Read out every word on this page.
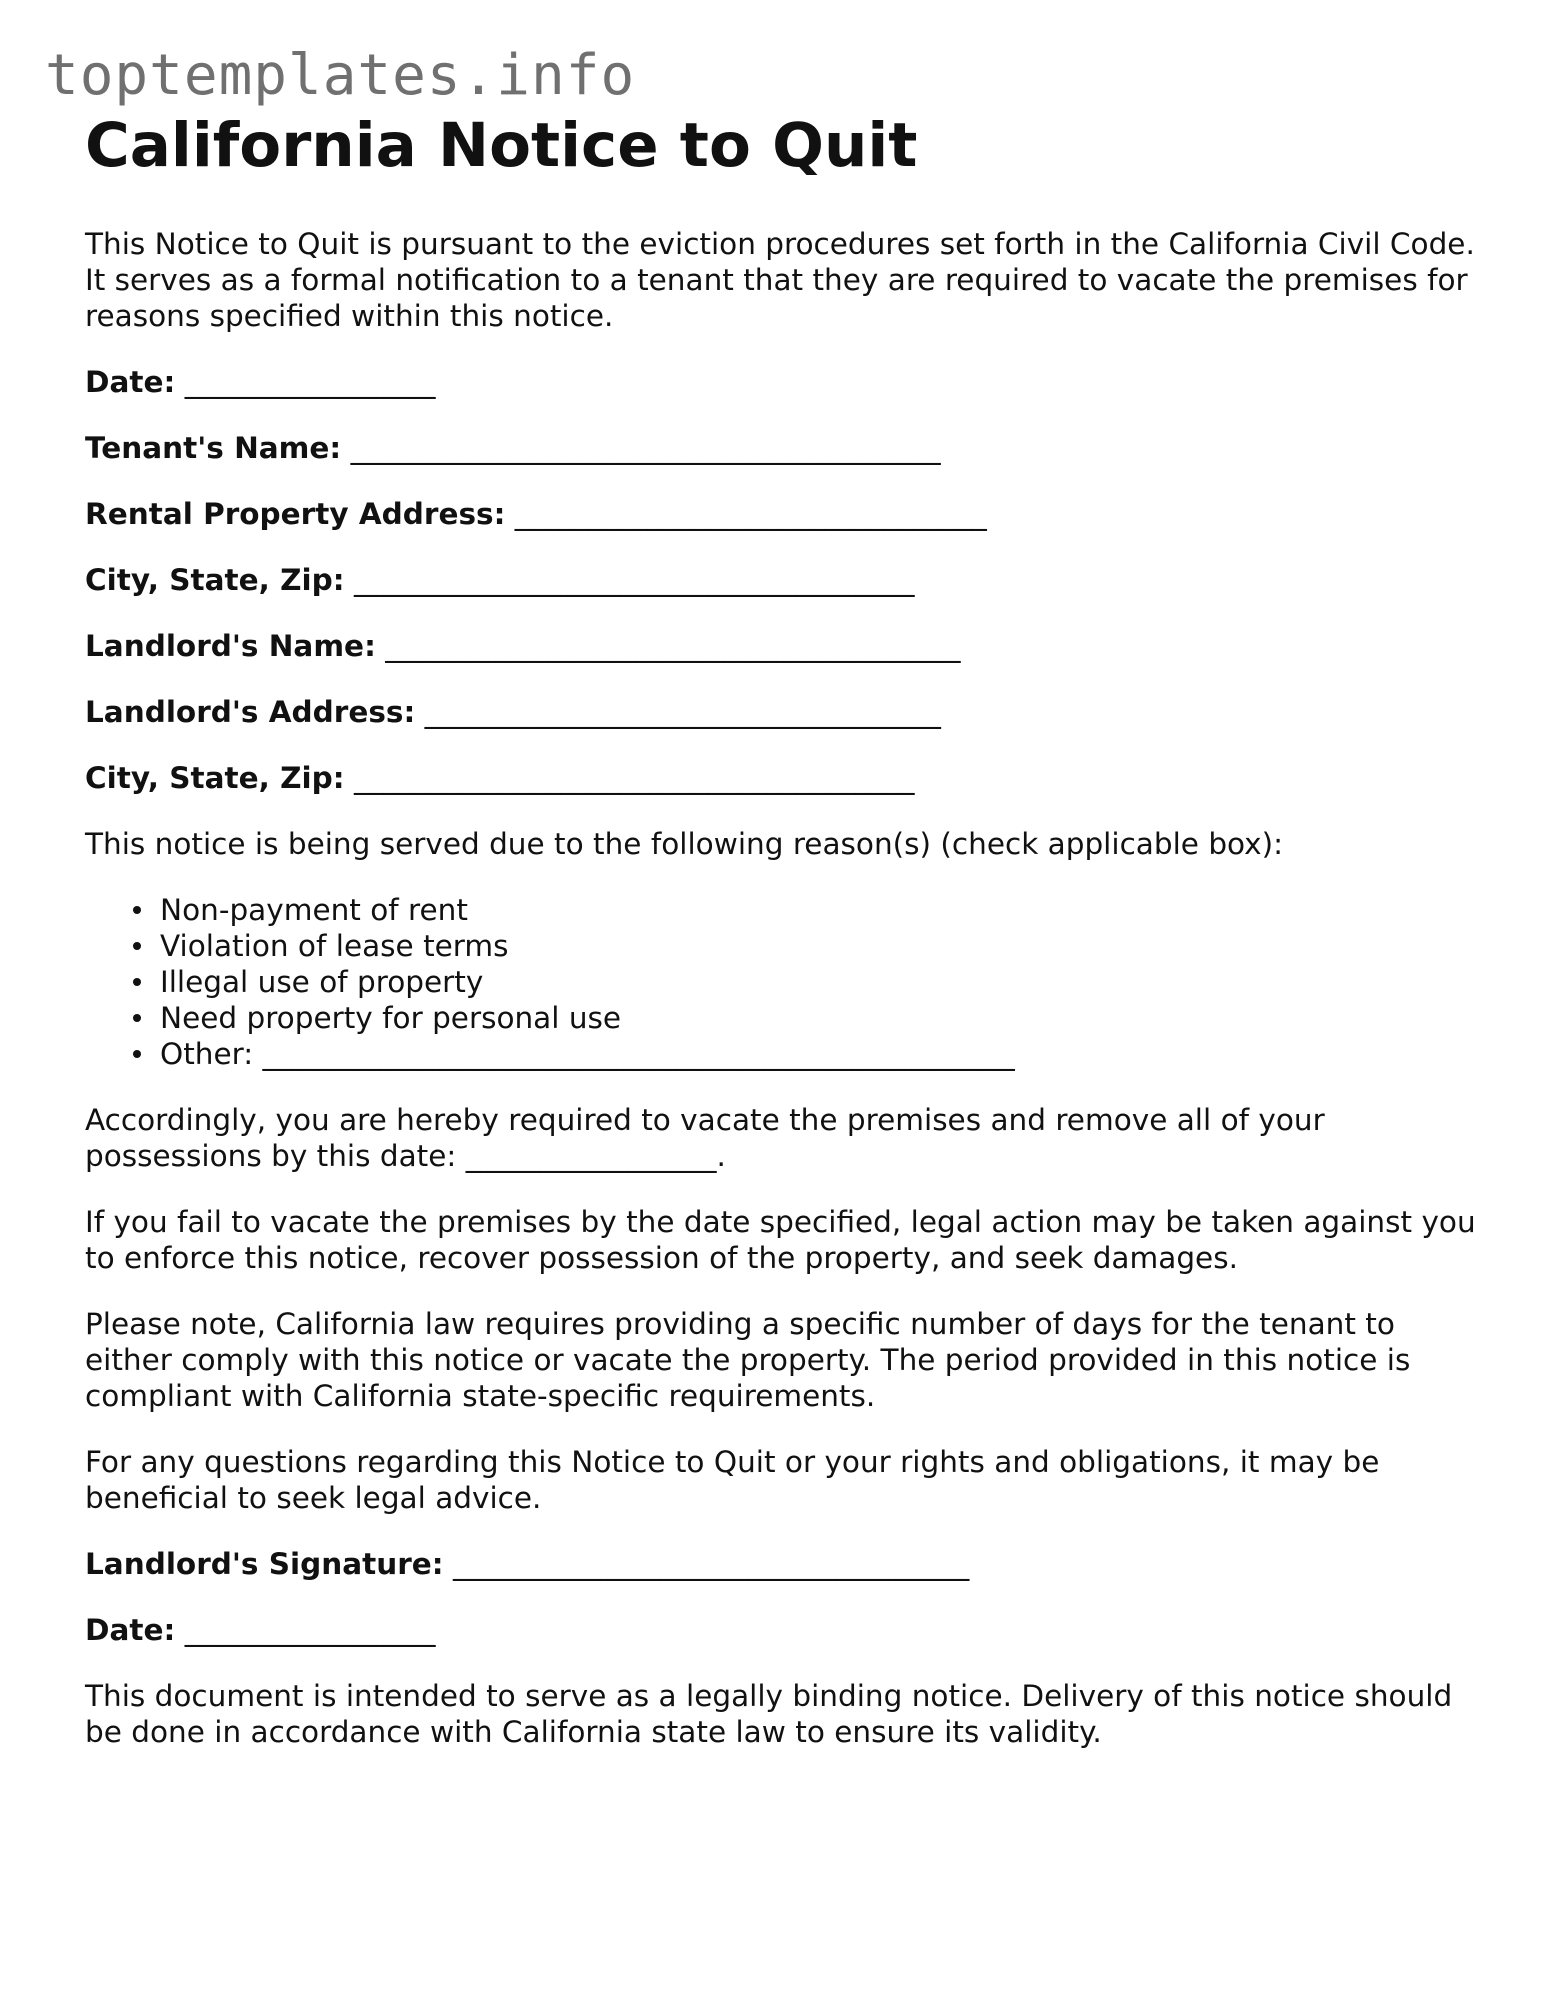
toptemplates.info
California Notice to Quit

This Notice to Quit is pursuant to the eviction procedures set forth in the California Civil Code. It serves as a formal notification to a tenant that they are required to vacate the premises for reasons specified within this notice.

Date: _________________
Tenant's Name: ________________________________________
Rental Property Address: ________________________________
City, State, Zip: ______________________________________
Landlord's Name: _______________________________________
Landlord's Address: ___________________________________
City, State, Zip: ______________________________________

This notice is being served due to the following reason(s) (check applicable box):

Non-payment of rent
Violation of lease terms
Illegal use of property
Need property for personal use
Other: ___________________________________________________

Accordingly, you are hereby required to vacate the premises and remove all of your possessions by this date: _________________.

If you fail to vacate the premises by the date specified, legal action may be taken against you to enforce this notice, recover possession of the property, and seek damages.

Please note, California law requires providing a specific number of days for the tenant to either comply with this notice or vacate the property. The period provided in this notice is compliant with California state-specific requirements.

For any questions regarding this Notice to Quit or your rights and obligations, it may be beneficial to seek legal advice.

Landlord's Signature: ___________________________________
Date: _________________

This document is intended to serve as a legally binding notice. Delivery of this notice should be done in accordance with California state law to ensure its validity.
